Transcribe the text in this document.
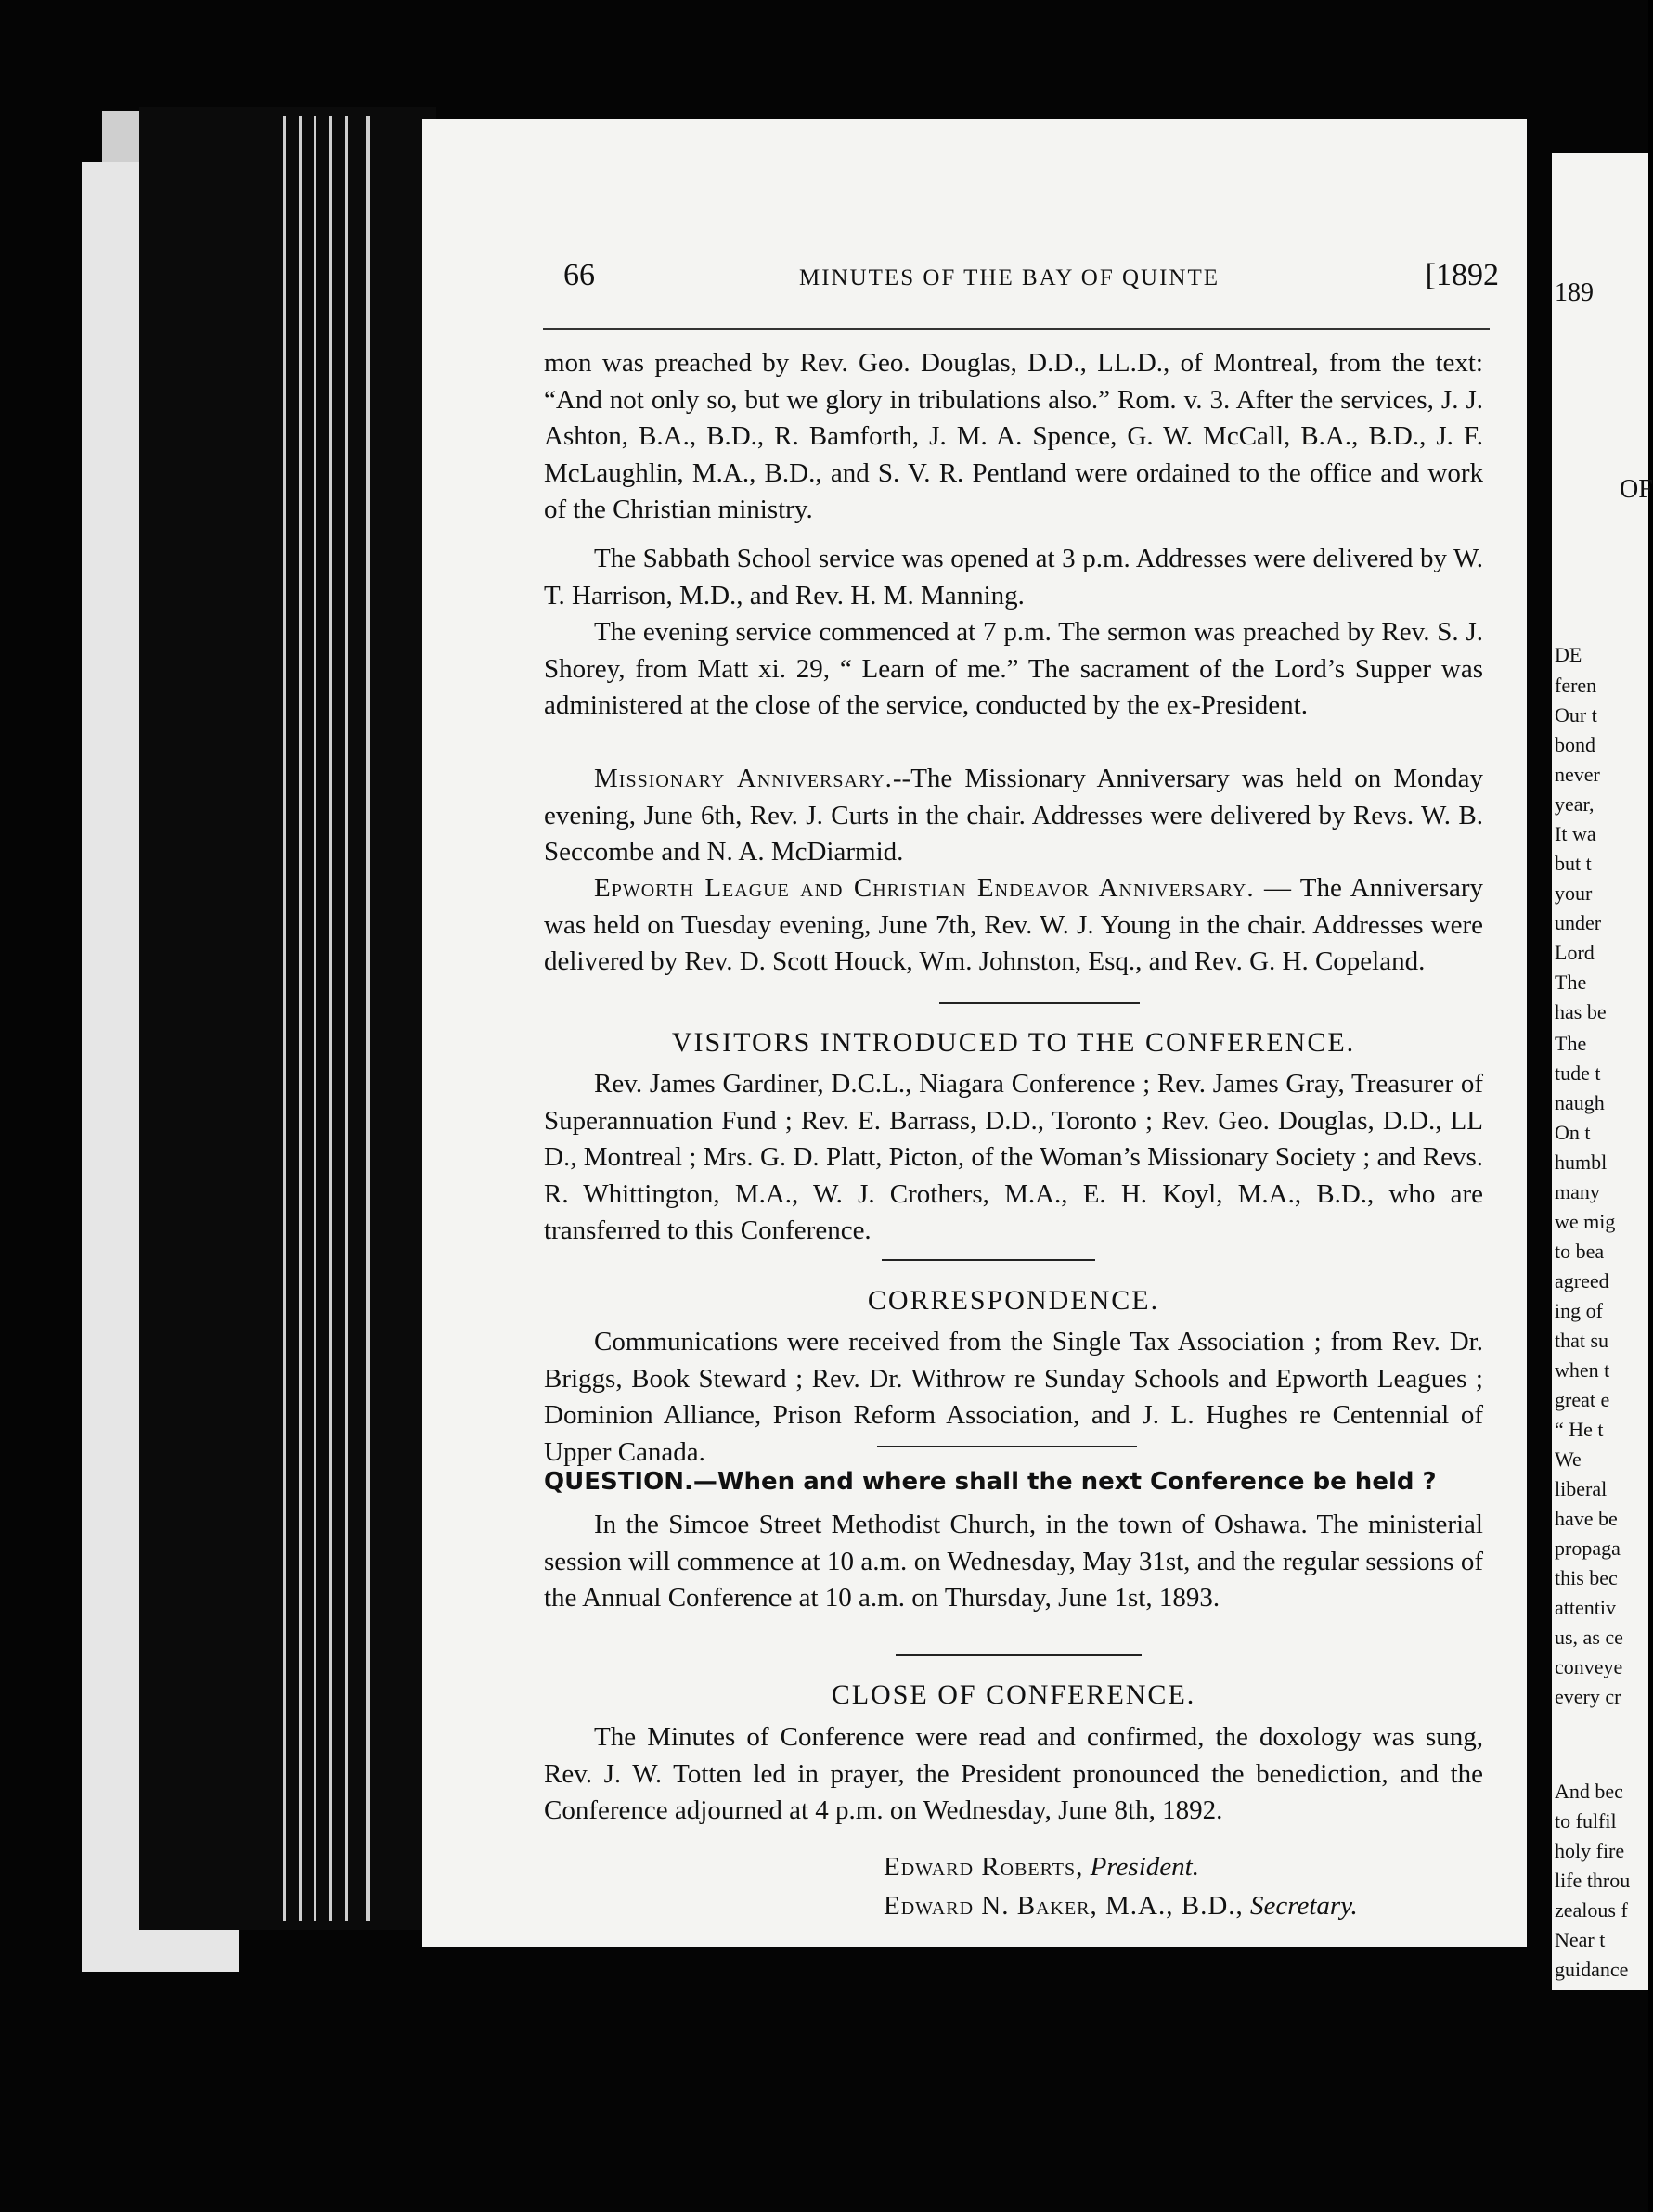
66	MINUTES OF THE BAY OF QUINTE	[1892

mon was preached by Rev. Geo. Douglas, D.D., LL.D., of Montreal, from the text: “And not only so, but we glory in tribulations also.” Rom. v. 3. After the services, J. J. Ashton, B.A., B.D., R. Bamforth, J. M. A. Spence, G. W. McCall, B.A., B.D., J. F. McLaughlin, M.A., B.D., and S. V. R. Pentland were ordained to the office and work of the Christian ministry.

The Sabbath School service was opened at 3 p.m. Addresses were delivered by W. T. Harrison, M.D., and Rev. H. M. Manning.

The evening service commenced at 7 p.m. The sermon was preached by Rev. S. J. Shorey, from Matt xi. 29, “ Learn of me.” The sacrament of the Lord’s Supper was administered at the close of the service, conducted by the ex-President.

Missionary Anniversary.--The Missionary Anniversary was held on Monday evening, June 6th, Rev. J. Curts in the chair. Addresses were delivered by Revs. W. B. Seccombe and N. A. McDiarmid.

Epworth League and Christian Endeavor Anniversary. — The Anniversary was held on Tuesday evening, June 7th, Rev. W. J. Young in the chair. Addresses were delivered by Rev. D. Scott Houck, Wm. Johnston, Esq., and Rev. G. H. Copeland.

VISITORS INTRODUCED TO THE CONFERENCE.

Rev. James Gardiner, D.C.L., Niagara Conference ; Rev. James Gray, Treasurer of Superannuation Fund ; Rev. E. Barrass, D.D., Toronto ; Rev. Geo. Douglas, D.D., LL D., Montreal ; Mrs. G. D. Platt, Picton, of the Woman’s Missionary Society ; and Revs. R. Whittington, M.A., W. J. Crothers, M.A., E. H. Koyl, M.A., B.D., who are transferred to this Conference.

CORRESPONDENCE.

Communications were received from the Single Tax Association ; from Rev. Dr. Briggs, Book Steward ; Rev. Dr. Withrow re Sunday Schools and Epworth Leagues ; Dominion Alliance, Prison Reform Association, and J. L. Hughes re Centennial of Upper Canada.

QUESTION.—When and where shall the next Conference be held ?

In the Simcoe Street Methodist Church, in the town of Oshawa. The ministerial session will commence at 10 a.m. on Wednesday, May 31st, and the regular sessions of the Annual Conference at 10 a.m. on Thursday, June 1st, 1893.

CLOSE OF CONFERENCE.

The Minutes of Conference were read and confirmed, the doxology was sung, Rev. J. W. Totten led in prayer, the President pronounced the benediction, and the Conference adjourned at 4 p.m. on Wednesday, June 8th, 1892.

Edward Roberts, President.
Edward N. Baker, M.A., B.D., Secretary.
189
OF
DE
feren
Our t
bond
never
year,
It wa
but t
your
under
Lord
The
has be
The
tude t
naugh
On t
humbl
many
we mig
to bea
agreed
ing of
that su
when t
great e
“ He t
We
liberal
have be
propaga
this bec
attentiv
us, as ce
conveye
every cr
And bec
to fulfil
holy fire
life throu
zealous f
Near t
guidance
